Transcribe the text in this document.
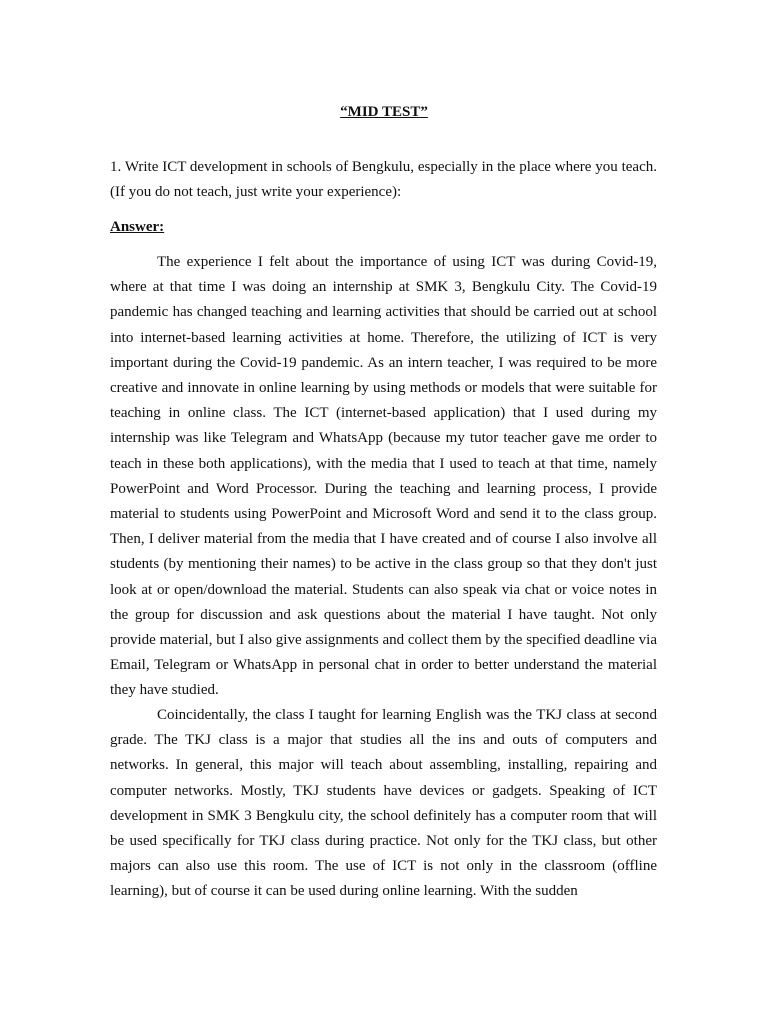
“MID TEST”

1. Write ICT development in schools of Bengkulu, especially in the place where you teach. (If you do not teach, just write your experience):

Answer:

The experience I felt about the importance of using ICT was during Covid-19, where at that time I was doing an internship at SMK 3, Bengkulu City. The Covid-19 pandemic has changed teaching and learning activities that should be carried out at school into internet-based learning activities at home. Therefore, the utilizing of ICT is very important during the Covid-19 pandemic. As an intern teacher, I was required to be more creative and innovate in online learning by using methods or models that were suitable for teaching in online class. The ICT (internet-based application) that I used during my internship was like Telegram and WhatsApp (because my tutor teacher gave me order to teach in these both applications), with the media that I used to teach at that time, namely PowerPoint and Word Processor. During the teaching and learning process, I provide material to students using PowerPoint and Microsoft Word and send it to the class group. Then, I deliver material from the media that I have created and of course I also involve all students (by mentioning their names) to be active in the class group so that they don't just look at or open/download the material. Students can also speak via chat or voice notes in the group for discussion and ask questions about the material I have taught. Not only provide material, but I also give assignments and collect them by the specified deadline via Email, Telegram or WhatsApp in personal chat in order to better understand the material they have studied.

Coincidentally, the class I taught for learning English was the TKJ class at second grade. The TKJ class is a major that studies all the ins and outs of computers and networks. In general, this major will teach about assembling, installing, repairing and computer networks. Mostly, TKJ students have devices or gadgets. Speaking of ICT development in SMK 3 Bengkulu city, the school definitely has a computer room that will be used specifically for TKJ class during practice. Not only for the TKJ class, but other majors can also use this room. The use of ICT is not only in the classroom (offline learning), but of course it can be used during online learning. With the sudden
